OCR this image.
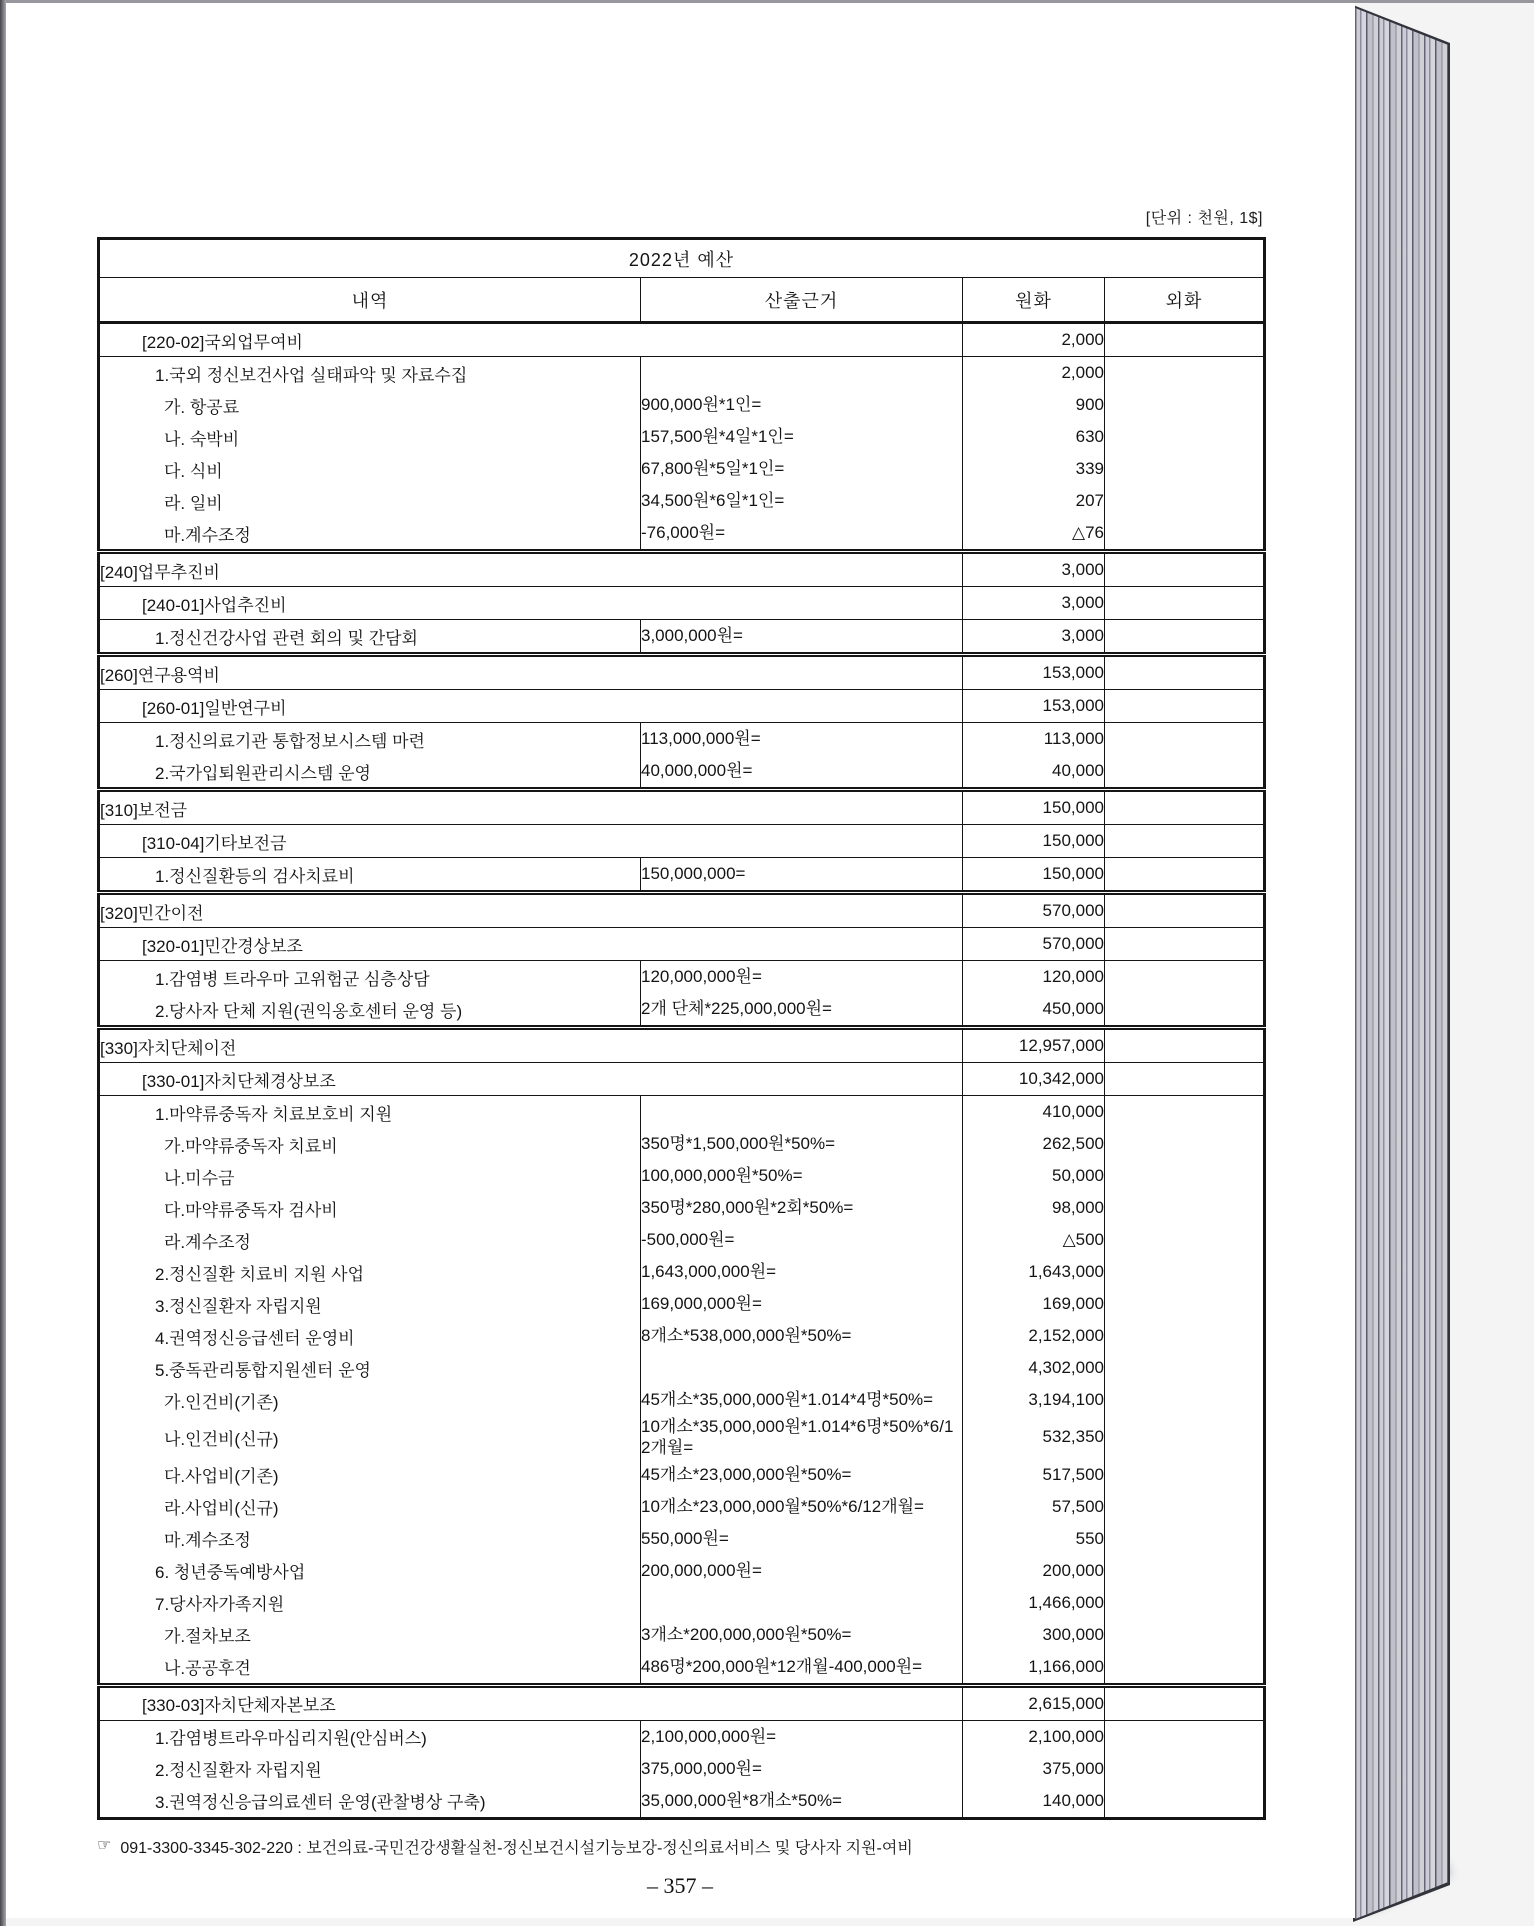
[단위 : 천원, 1$]
2022년 예산			
내역	산출근거	원화	외화
[220-02]국외업무여비		2,000	
1.국외 정신보건사업 실태파악 및 자료수집		2,000	
가. 항공료	900,000원*1인=	900	
나. 숙박비	157,500원*4일*1인=	630	
다. 식비	67,800원*5일*1인=	339	
라. 일비	34,500원*6일*1인=	207	
마.계수조정	-76,000원=	△76	
[240]업무추진비		3,000	
[240-01]사업추진비		3,000	
1.정신건강사업 관련 회의 및 간담회	3,000,000원=	3,000	
[260]연구용역비		153,000	
[260-01]일반연구비		153,000	
1.정신의료기관 통합정보시스템 마련	113,000,000원=	113,000	
2.국가입퇴원관리시스템 운영	40,000,000원=	40,000	
[310]보전금		150,000	
[310-04]기타보전금		150,000	
1.정신질환등의 검사치료비	150,000,000=	150,000	
[320]민간이전		570,000	
[320-01]민간경상보조		570,000	
1.감염병 트라우마 고위험군 심층상담	120,000,000원=	120,000	
2.당사자 단체 지원(권익옹호센터 운영 등)	2개 단체*225,000,000원=	450,000	
[330]자치단체이전		12,957,000	
[330-01]자치단체경상보조		10,342,000	
1.마약류중독자 치료보호비 지원		410,000	
가.마약류중독자 치료비	350명*1,500,000원*50%=	262,500	
나.미수금	100,000,000원*50%=	50,000	
다.마약류중독자 검사비	350명*280,000원*2회*50%=	98,000	
라.계수조정	-500,000원=	△500	
2.정신질환 치료비 지원 사업	1,643,000,000원=	1,643,000	
3.정신질환자 자립지원	169,000,000원=	169,000	
4.권역정신응급센터 운영비	8개소*538,000,000원*50%=	2,152,000	
5.중독관리통합지원센터 운영		4,302,000	
가.인건비(기존)	45개소*35,000,000원*1.014*4명*50%=	3,194,100	
나.인건비(신규)	10개소*35,000,000원*1.014*6명*50%*6/12개월=	532,350	
다.사업비(기존)	45개소*23,000,000원*50%=	517,500	
라.사업비(신규)	10개소*23,000,000월*50%*6/12개월=	57,500	
마.계수조정	550,000원=	550	
6. 청년중독예방사업	200,000,000원=	200,000	
7.당사자가족지원		1,466,000	
가.절차보조	3개소*200,000,000원*50%=	300,000	
나.공공후견	486명*200,000원*12개월-400,000원=	1,166,000	
[330-03]자치단체자본보조		2,615,000	
1.감염병트라우마심리지원(안심버스)	2,100,000,000원=	2,100,000	
2.정신질환자 자립지원	375,000,000원=	375,000	
3.권역정신응급의료센터 운영(관찰병상 구축)	35,000,000원*8개소*50%=	140,000	
☞ 091-3300-3345-302-220 : 보건의료-국민건강생활실천-정신보건시설기능보강-정신의료서비스 및 당사자 지원-여비
– 357 –
